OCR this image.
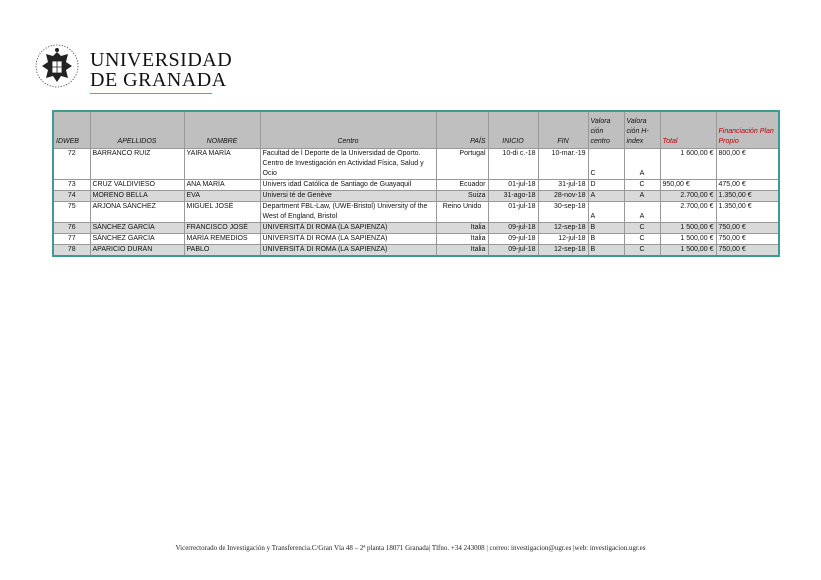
UNIVERSIDAD
DE GRANADA
IDWEB	APELLIDOS	NOMBRE	Centro	PAÍS	INICIO	FIN	Valora ción centro	Valora ción H-index	Total	Financiación Plan Propio
72	BARRANCO RUIZ	YAIRA MARÍA	Facultad de l Deporte de la Universidad de Oporto. Centro de Investigación en Actividad Física, Salud y Ocio	Portugal	10-di c.-18	10-mar.-19	C	A	1 600,00 €	800,00 €
73	CRUZ VALDIVIESO	ANA MARÍA	Univers idad Católica de Santiago de Guayaquil	Ecuador	01-jul-18	31-jul-18	D	C	950,00 €	475,00 €
74	MORENO BELLA	EVA	Universi té de Genève	Suiza	31-ago-18	28-nov-18	A	A	2.700,00 €	1.350,00 €
75	ARJONA SÁNCHEZ	MIGUEL JOSÉ	Department FBL-Law, (UWE-Bristol) University of the West of England, Bristol	Reino Unido	01-jul-18	30-sep-18	A	A	2.700,00 €	1.350,00 €
76	SÁNCHEZ GARCÍA	FRANCISCO JOSÉ	UNIVERSITÁ DI ROMA (LA SAPIENZA)	Italia	09-jul-18	12-sep-18	B	C	1 500,00 €	750,00 €
77	SÁNCHEZ GARCÍA	MARÍA REMEDIOS	UNIVERSITÁ DI ROMA (LA SAPIENZA)	Italia	09-jul-18	12-jul-18	B	C	1 500,00 €	750,00 €
78	APARICIO DURÁN	PABLO	UNIVERSITÁ DI ROMA (LA SAPIENZA)	Italia	09-jul-18	12-sep-18	B	C	1 500,00 €	750,00 €
Vicerrectorado de Investigación y Transferencia.C/Gran Vía 48 – 2ª planta 18071 Granada| Tlfno. +34 243008 | correo: investigacion@ugr.es |web: investigacion.ugr.es
